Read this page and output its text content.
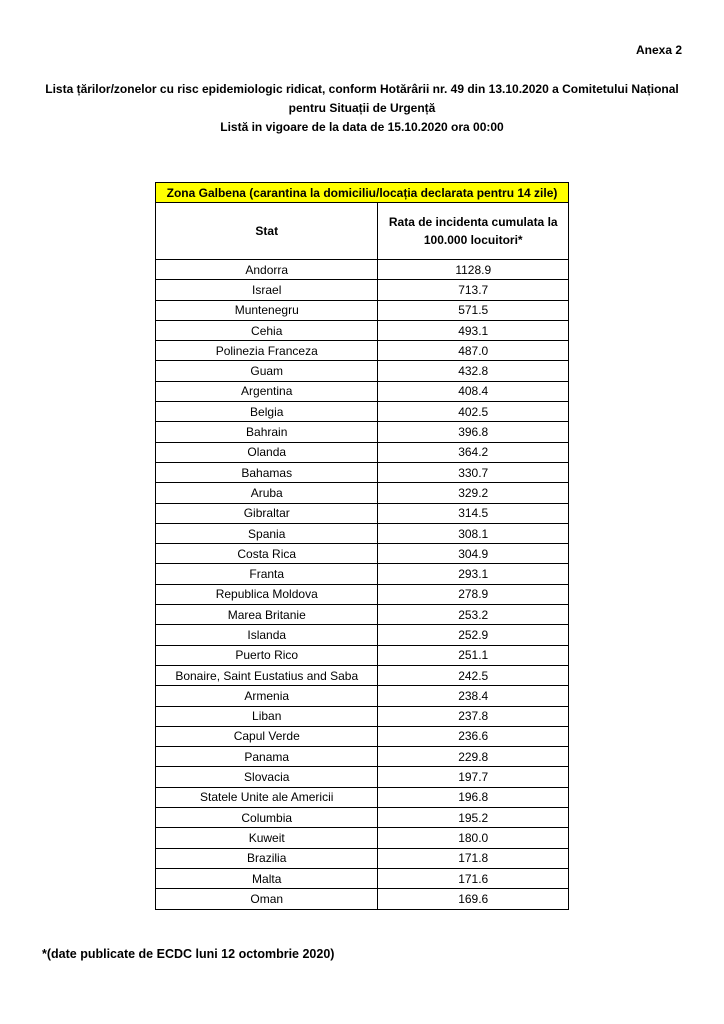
Anexa 2
Lista țărilor/zonelor cu risc epidemiologic ridicat, conform Hotărârii nr. 49 din 13.10.2020 a Comitetului Național
pentru Situații de Urgență
Listă in vigoare de la data de 15.10.2020 ora 00:00
Zona Galbena (carantina la domiciliu/locația declarata pentru 14 zile)	
Stat	Rata de incidenta cumulata la 100.000 locuitori*
Andorra	1128.9
Israel	713.7
Muntenegru	571.5
Cehia	493.1
Polinezia Franceza	487.0
Guam	432.8
Argentina	408.4
Belgia	402.5
Bahrain	396.8
Olanda	364.2
Bahamas	330.7
Aruba	329.2
Gibraltar	314.5
Spania	308.1
Costa Rica	304.9
Franta	293.1
Republica Moldova	278.9
Marea Britanie	253.2
Islanda	252.9
Puerto Rico	251.1
Bonaire, Saint Eustatius and Saba	242.5
Armenia	238.4
Liban	237.8
Capul Verde	236.6
Panama	229.8
Slovacia	197.7
Statele Unite ale Americii	196.8
Columbia	195.2
Kuweit	180.0
Brazilia	171.8
Malta	171.6
Oman	169.6
*(date publicate de ECDC luni 12 octombrie 2020)
